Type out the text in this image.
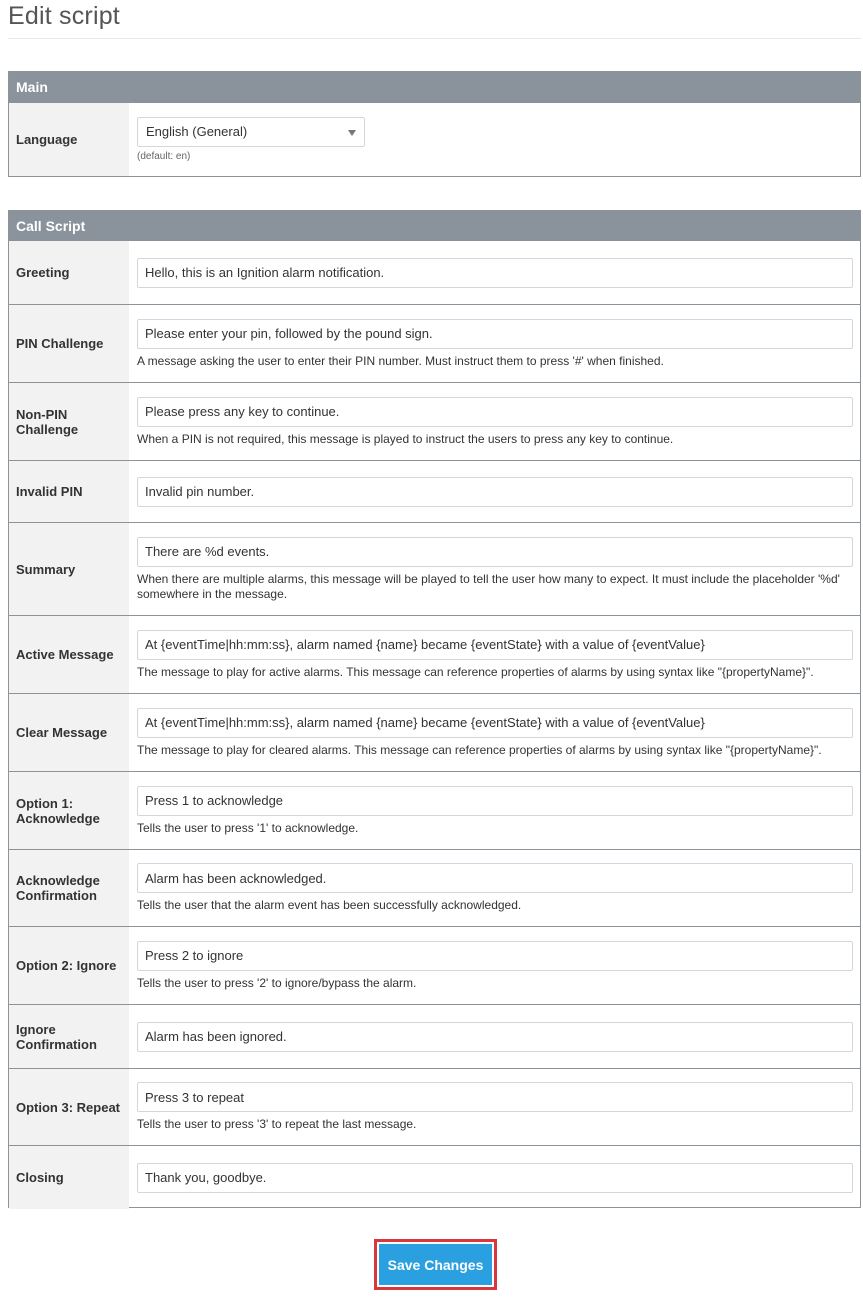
Edit script
Main
Language
English (General)
(default: en)
Call Script
Greeting
Hello, this is an Ignition alarm notification.
PIN Challenge
Please enter your pin, followed by the pound sign.
A message asking the user to enter their PIN number. Must instruct them to press '#' when finished.
Non-PIN Challenge
Please press any key to continue.
When a PIN is not required, this message is played to instruct the users to press any key to continue.
Invalid PIN
Invalid pin number.
Summary
There are %d events.
When there are multiple alarms, this message will be played to tell the user how many to expect. It must include the placeholder '%d' somewhere in the message.
Active Message
At {eventTime|hh:mm:ss}, alarm named {name} became {eventState} with a value of {eventValue}
The message to play for active alarms. This message can reference properties of alarms by using syntax like "{propertyName}".
Clear Message
At {eventTime|hh:mm:ss}, alarm named {name} became {eventState} with a value of {eventValue}
The message to play for cleared alarms. This message can reference properties of alarms by using syntax like "{propertyName}".
Option 1: Acknowledge
Press 1 to acknowledge
Tells the user to press '1' to acknowledge.
Acknowledge Confirmation
Alarm has been acknowledged.
Tells the user that the alarm event has been successfully acknowledged.
Option 2: Ignore
Press 2 to ignore
Tells the user to press '2' to ignore/bypass the alarm.
Ignore Confirmation
Alarm has been ignored.
Option 3: Repeat
Press 3 to repeat
Tells the user to press '3' to repeat the last message.
Closing
Thank you, goodbye.
Save Changes
